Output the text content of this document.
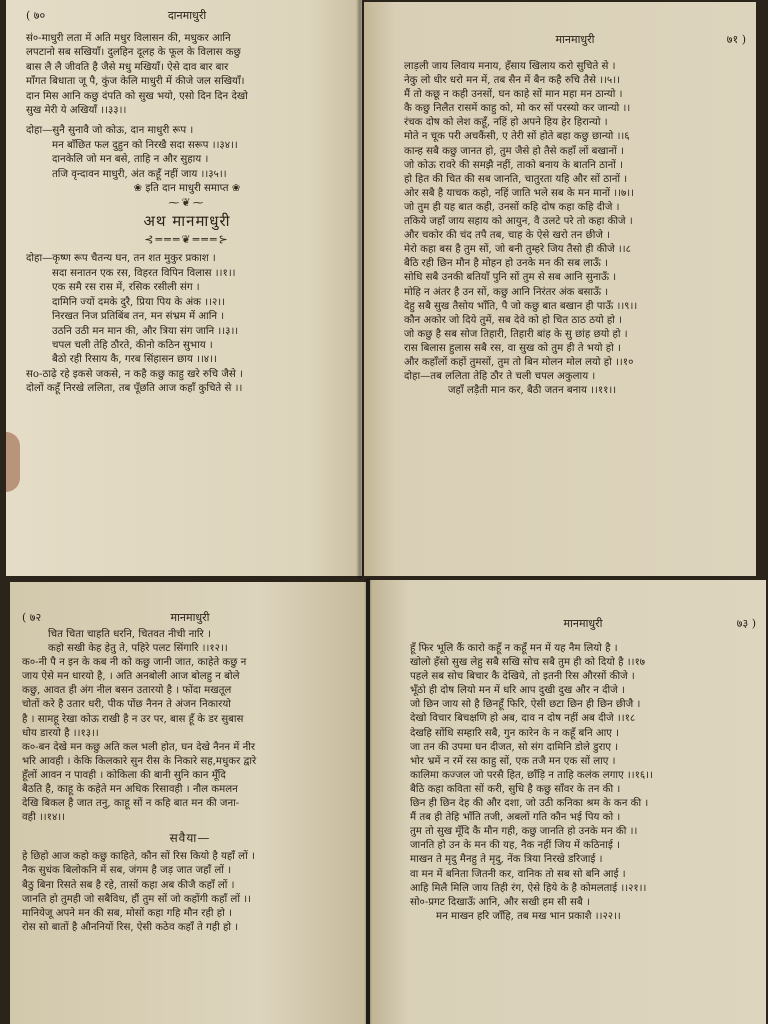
( ७०	दानमाधुरी
सं०-माधुरी लता में अति मधुर विलासन की, मधुकर आनि
लपटानो सब सखियाँ। दुलहिन दूलह के फूल के विलास कछु
बास लै लै जीवति है जैसे मधु मखियाँ। ऐसे दाव बार बार
माँगत बिधाता जू पै, कुंज केलि माधुरी में कीजे जल सखियाँ।
दान मिस आनि कछु दंपति को सुख भयो, एसो दिन दिन देखो
सुख मेरी ये अखियाँ ।।३३।।
दोहा—सुनै सुनावै जो कोऊ, दान माधुरी रूप ।
मन बाँछित फल दुहुन को निरखै सदा सरूप ।।३४।।
दानकेलि जो मन बसे, ताहि न और सुहाय ।
तजि वृन्दावन माधुरी, अंत कहूँ नहीं जाय ।।३५।।
❀ इति दान माधुरी समाप्त ❀
⁓❦⁓
अथ मानमाधुरी
⊰═══❦═══⊱
दोहा—कृष्ण रूप चैतन्य घन, तन शत मुकुर प्रकाश ।
सदा सनातन एक रस, विहरत विपिन विलास ।।१।।
एक समै रस रास में, रसिक रसीली संग ।
दामिनि ज्यों दमके दुरै, प्रिया पिय के अंक ।।२।।
निरखत निज प्रतिबिंब तन, मन संभ्रम में आनि ।
उठनि उठी मन मान की, और त्रिया संग जानि ।।३।।
चपल चली तेहि ठौरते, कीनो कठिन सुभाय ।
बैठो रही रिसाय कै, गरब सिंहासन छाय ।।४।।
सo-ठाढ़े रहे इकसे जकसे, न कहै कछु काहु खरे रुचि जैसे ।
दोलों कहूँ निरखे ललिता, तब पूँछति आज कहाँ कुचिते से ।।
मानमाधुरी	७१ )
लाड़ली जाय लिवाय मनाय, हँसाय खिलाय करो सुचिते से ।
नेकु लो धीर धरो मन में, तब सैन में बैन कहै रुचि तैसे ।।५।।
मैं तो कछू न कही उनसों, घन काहे सों मान महा मन ठान्यो ।
कै कछु निलैत रासमें काहु को, मो कर सों परस्यो कर जान्यो ।।
रंचक दोष को लेश कहूँ, नहिं हो अपने हिय हेर हिरान्यो ।
मोते न चूक परी अचकैंसी, ए तेरी सों होते बहा कछु छान्यो ।।६
कान्ह सबै कछु जानत हो, तुम जैसे हो तैसे कहाँ लों बखानों ।
जो कोऊ रावरे की समझै नहीं, ताको बनाय के बातनि ठानों ।
हो हित की चित की सब जानति, चातुरता यहि और सों ठानों ।
ओर सबै है याचक कहो, नहिं जाति भले सब के मन मानों ।।७।।
जो तुम ही यह बात कही, उनसों कहि दोष कहा कहि दीजे ।
तकिये जहाँ जाय सहाय को आयुन, वै उलटे परे तो कहा कीजे ।
और चकोर की चंद तपै तब, चाह के ऐसे खरो तन छीजे ।
मेरो कहा बस है तुम सों, जो बनी तुम्हरे जिय तैसो ही कीजे ।।८
बैठि रही छिन मौन है मोहन हो उनके मन की सब लाऊँ ।
सोधि सबै उनकी बतियाँ पुनि सों तुम से सब आनि सुनाऊँ ।
मोहि न अंतर है उन सों, कछु आनि निरंतर अंक बसाऊँ ।
देहु सबै सुख तैसोय भाँति, पै जो कछु बात बखान ही पाऊँ ।।९।।
कौन अकोर जो दिये तुमें, सब देवे को हो चित ठाठ ठयो हो ।
जो कछु है सब सोज तिहारी, तिहारी बांह के सु छांह छयो हो ।
रास बिलास हुलास सबै रस, वा सुख को तुम ही ते भयो हो ।
और कहाँलों कहों तुमसों, तुम तो बिन मोलन मोल लयो हो ।।१०
दोहा—तब ललिता तेहि ठौर ते चली चपल अकुलाय ।
जहाँ लड़ैती मान कर, बैठी जतन बनाय ।।११।।
( ७२	मानमाधुरी
चित चिता चाहति धरनि, चितवत नीची नारि ।
कहो सखी केह हेतु ते, पहिरे पलट सिंगारि ।।१२।।
क०-नी पै न इन के कब नी को कछु जानी जात, काहेते कछु न
जाय ऐसे मन धारयो है, । अति अनबोली आज बोलहु न बोले
कछु, आवत ही अंग नील बसन उतारयो है । फोंदा मखतूल
चोतों करे है उतार धरी, पीक पोंछ नैनन ते अंजन निकारयो
है । सामहू रेखा कोऊ राखी है न उर पर, बास हूँ के डर सुबास
धोय डारयो है ।।१३।।
क०-बन देखे मन कछु अति कल भली होत, घन देखे नैनन में नीर
भरि आवही । केकि किलकारे सुन रीस के निकारे सह,मधुकर द्वारे
हूँलों आवन न पावही । कोकिला की बानी सुनि कान मूँदि
बैठति है, काहू के कहेते मन अधिक रिसावही । नौल कमलन
देखि बिकल है जात तनु, काहू सों न कहि बात मन की जना-
वही ।।१४।।
सवैया—
हे छिहो आज कहो कछु काहिते, कौन सों रिस कियो है यहाँ लों ।
नैक सुधंक बिलोकनि में सब, जंगम है जड़ जात जहाँ लों ।
बैठु बिना रिसते सब है रहे, तासों कहा अब कीजै कहाँ लों ।
जानति हो तुमही जो सबैविध, हौं तुम सों जो कहोंगी कहाँ लों ।।
मानियेजू अपने मन की सब, मोसों कहा गहि मौन रही हो ।
रोस सो बातों है औननियों रिस, ऐसी कठेव कहाँ ते गही हो ।
मानमाधुरी	७३ )
हूँ फिर भूलि कैं कारो कहूँ न कहूँ मन में यह नैम लियो है ।
खोलो हँसो सुख लेहु सबै सखि सोच सबै तुम ही को दियो है ।।१७
पहले सब सोच बिचार कै देखिये, तो इतनी रिस औरसों कीजे ।
भूँठो ही दोष लियो मन में धरि आप दुखी दुख और न दीजे ।
जो छिन जाय सो है छिनहूँ फिरि, ऐसी छटा छिन ही छिन छीजै ।
देखो विचार बिचक्षणि हो अब, दाव न दोष नहीं अब दीजे ।।१८
देखहि सोंधि सम्हारि सबै, गुन कारेन के न कहूँ बनि आए ।
जा तन की उपमा घन दीजत, सो संग दामिनि डोले डुराए ।
भोर भ्रमें न रमें रस काहु सों, एक तजै मन एक सों लाए ।
कालिमा कज्जल जो परसै हित, छाँड़ि न ताहि कलंक लगाए ।।१६।।
बैठि कहा कविता सों करी, सुधि है कछु साँवर के तन की ।
छिन ही छिन देह की और दशा, जो उठी कनिका श्रम के कन की ।
मैं तब ही तेहि भाँति तजी, अबलों गति कौन भई पिय को ।
तुम तो सुख मूँदि कै मौन गही, कछु जानति हो उनके मन की ।।
जानति हो उन के मन की यह, नैक नहीं जिय में कठिनाई ।
माखन ते मृदु मैनहु ते मृदु, नेंक त्रिया निरखे डरिजाई ।
वा मन में बनिता जितनी कर, वानिक तो सब सो बनि आई ।
आहि मिलै मिलि जाय तिही रंग, ऐसे हिये के है कोमलताई ।।२१।।
सो०-प्रगट दिखाऊँ आनि, और सखी हम सी सबै ।
मन माखन हरि जाँहि, तब मख भान प्रकाशै ।।२२।।
